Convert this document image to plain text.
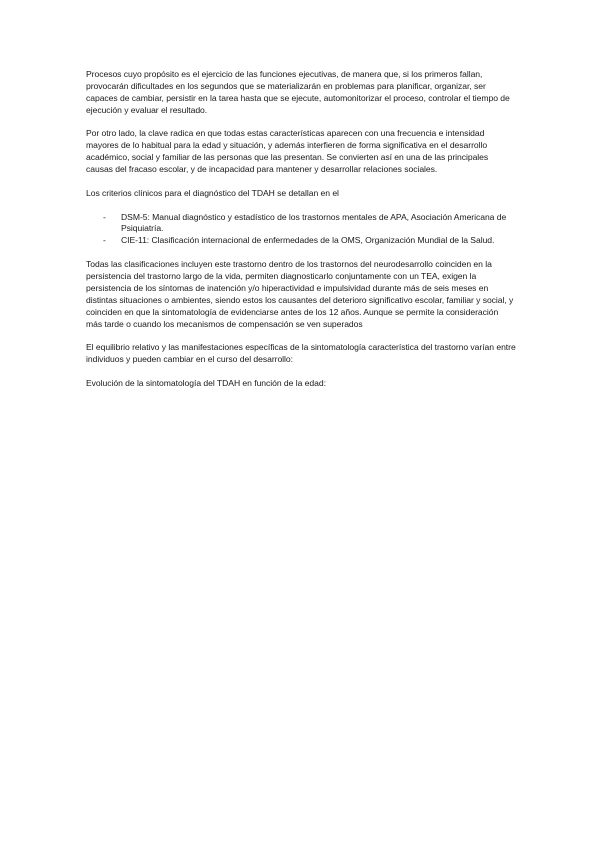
Procesos cuyo propósito es el ejercicio de las funciones ejecutivas, de manera que, si los primeros fallan, provocarán dificultades en los segundos que se materializarán en problemas para planificar, organizar, ser capaces de cambiar, persistir en la tarea hasta que se ejecute, automonitorizar el proceso, controlar el tiempo de ejecución y evaluar el resultado.

Por otro lado, la clave radica en que todas estas características aparecen con una frecuencia e intensidad mayores de lo habitual para la edad y situación, y además interfieren de forma significativa en el desarrollo académico, social y familiar de las personas que las presentan. Se convierten así en una de las principales causas del fracaso escolar, y de incapacidad para mantener y desarrollar relaciones sociales.

Los criterios clínicos para el diagnóstico del TDAH se detallan en el

- DSM-5: Manual diagnóstico y estadístico de los trastornos mentales de APA, Asociación Americana de Psiquiatría.
- CIE-11: Clasificación internacional de enfermedades de la OMS, Organización Mundial de la Salud.

Todas las clasificaciones incluyen este trastorno dentro de los trastornos del neurodesarrollo coinciden en la persistencia del trastorno largo de la vida, permiten diagnosticarlo conjuntamente con un TEA, exigen la persistencia de los síntomas de inatención y/o hiperactividad e impulsividad durante más de seis meses en distintas situaciones o ambientes, siendo estos los causantes del deterioro significativo escolar, familiar y social, y coinciden en que la sintomatología de evidenciarse antes de los 12 años. Aunque se permite la consideración más tarde o cuando los mecanismos de compensación se ven superados

El equilibrio relativo y las manifestaciones específicas de la sintomatología característica del trastorno varían entre individuos y pueden cambiar en el curso del desarrollo:

Evolución de la sintomatología del TDAH en función de la edad:
